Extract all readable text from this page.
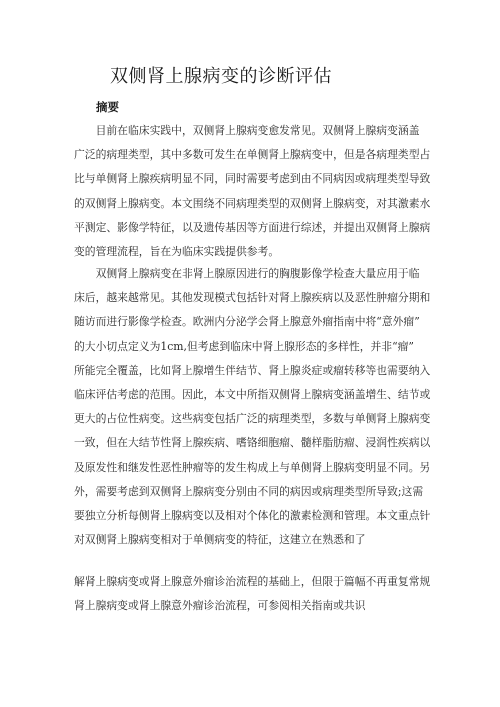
双侧肾上腺病变的诊断评估
摘要
　　目前在临床实践中，双侧肾上腺病变愈发常见。双侧肾上腺病变涵盖
广泛的病理类型，其中多数可发生在单侧肾上腺病变中，但是各病理类型占
比与单侧肾上腺疾病明显不同，同时需要考虑到由不同病因或病理类型导致
的双侧肾上腺病变。本文围绕不同病理类型的双侧肾上腺病变，对其激素水
平测定、影像学特征，以及遗传基因等方面进行综述，并提出双侧肾上腺病
变的管理流程，旨在为临床实践提供参考。
　　双侧肾上腺病变在非肾上腺原因进行的胸腹影像学检查大量应用于临
床后，越来越常见。其他发现模式包括针对肾上腺疾病以及恶性肿瘤分期和
随访而进行影像学检查。欧洲内分泌学会肾上腺意外瘤指南中将“意外瘤”
的大小切点定义为1cm,但考虑到临床中肾上腺形态的多样性，并非“瘤”
所能完全覆盖，比如肾上腺增生伴结节、肾上腺炎症或瘤转移等也需要纳入
临床评估考虑的范围。因此，本文中所指双侧肾上腺病变涵盖增生、结节或
更大的占位性病变。这些病变包括广泛的病理类型，多数与单侧肾上腺病变
一致，但在大结节性肾上腺疾病、嗜铬细胞瘤、髓样脂肪瘤、浸润性疾病以
及原发性和继发性恶性肿瘤等的发生构成上与单侧肾上腺病变明显不同。另
外，需要考虑到双侧肾上腺病变分别由不同的病因或病理类型所导致;这需
要独立分析每侧肾上腺病变以及相对个体化的激素检测和管理。本文重点针
对双侧肾上腺病变相对于单侧病变的特征，这建立在熟悉和了
解肾上腺病变或肾上腺意外瘤诊治流程的基础上，但限于篇幅不再重复常规
肾上腺病变或肾上腺意外瘤诊治流程，可参阅相关指南或共识
